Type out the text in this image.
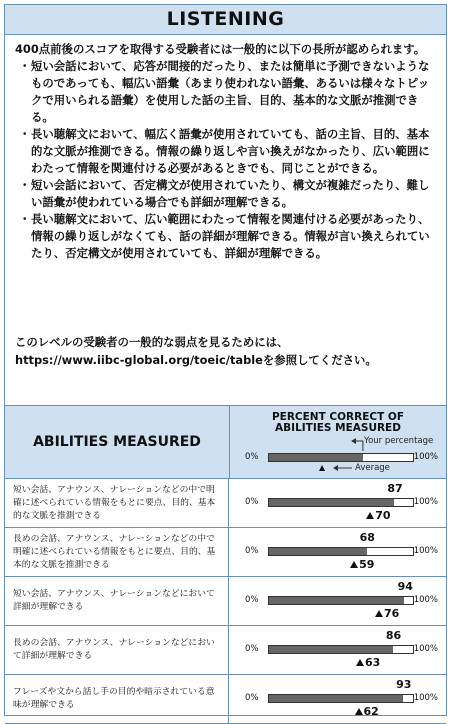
LISTENING

400点前後のスコアを取得する受験者には一般的に以下の長所が認められます。

・ 短い会話において、応答が間接的だったり、または簡単に予測できないようなものであっても、幅広い語彙（あまり使われない語彙、あるいは様々なトピックで用いられる語彙）を使用した話の主旨、目的、基本的な文脈が推測できる。
・ 長い聴解文において、幅広く語彙が使用されていても、話の主旨、目的、基本的な文脈が推測できる。情報の繰り返しや言い換えがなかったり、広い範囲にわたって情報を関連付ける必要があるときでも、同じことができる。
・ 短い会話において、否定構文が使用されていたり、構文が複雑だったり、難しい語彙が使われている場合でも詳細が理解できる。
・ 長い聴解文において、広い範囲にわたって情報を関連付ける必要があったり、情報の繰り返しがなくても、話の詳細が理解できる。情報が言い換えられていたり、否定構文が使用されていても、詳細が理解できる。
このレベルの受験者の一般的な弱点を見るためには、
https://www.iibc-global.org/toeic/tableを参照してください。
ABILITIES MEASURED
PERCENT CORRECT OF
ABILITIES MEASURED
0%	100%
Your percentage
Average
短い会話、アナウンス、ナレーションなどの中で明確に述べられている情報をもとに要点、目的、基本的な文脈を推測できる
87
0%	100%
70
長めの会話、アナウンス、ナレーションなどの中で明確に述べられている情報をもとに要点、目的、基本的な文脈を推測できる
68
0%	100%
59
短い会話、アナウンス、ナレーションなどにおいて詳細が理解できる
94
0%	100%
76
長めの会話、アナウンス、ナレーションなどにおいて詳細が理解できる
86
0%	100%
63
フレーズや文から話し手の目的や暗示されている意味が理解できる
93
0%	100%
62
